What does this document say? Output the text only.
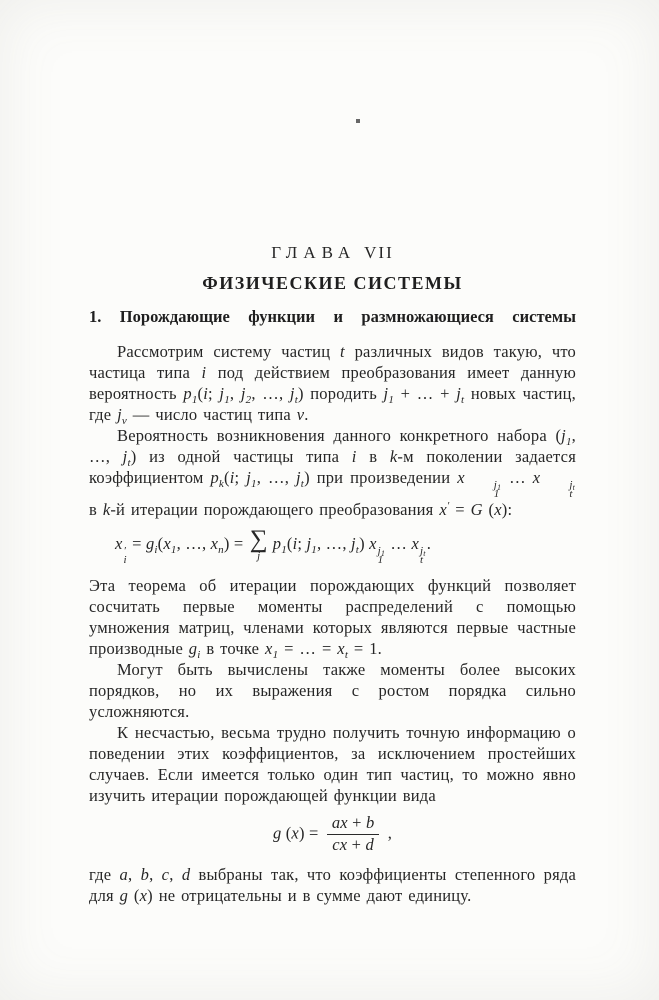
ГЛАВА VII
ФИЗИЧЕСКИЕ СИСТЕМЫ
1. Порождающие функции и размножающиеся системы

Рассмотрим систему частиц t различных видов такую, что частица типа i под действием преобразования имеет данную вероятность $p_1(i$; $j_1$, $j_2$, …, $j_t$) породить $j_1$ + … + $j_t$ новых частиц, где $j_\nu$ — число частиц типа ν.

Вероятность возникновения данного конкретного набора ($j_1$, …, $j_t$) из одной частицы типа i в k-м поколении задается коэффициентом $p_k(i$; $j_1$, …, $j_t$) при произведении x	j1
1
… x	jt
t
в k-й итерации порождающего преобразования x′ = G (x):

x ′
i
= $g_i(x_1$, …, $x_n$) = ∑
j
$p_1(i$; $j_1$, …, $j_t$) x j1
1
… x jt
t
.

Эта теорема об итерации порождающих функций позволяет сосчитать первые моменты распределений с помощью умножения матриц, членами которых являются первые частные производные $g_i$ в точке $x_1$ = … = $x_t = 1$.

Могут быть вычислены также моменты более высоких порядков, но их выражения с ростом порядка сильно усложняются.

К несчастью, весьма трудно получить точную информацию о поведении этих коэффициентов, за исключением простейших случаев. Если имеется только один тип частиц, то можно явно изучить итерации порождающей функции вида

g $(x) = \frac{ax + b}{cx + d}$ ,

где a, b, c, d выбраны так, что коэффициенты степенного ряда для g (x) не отрицательны и в сумме дают единицу.
